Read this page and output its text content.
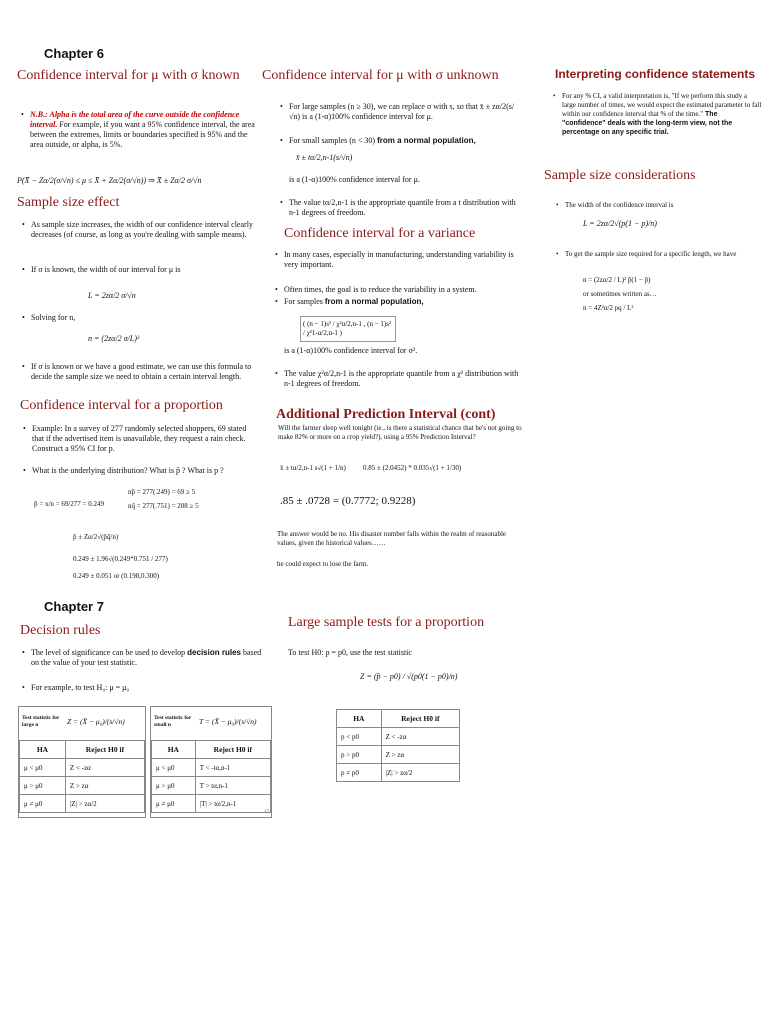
Chapter 6
Confidence interval for μ with σ known
N.B.: Alpha is the total area of the curve outside the confidence interval. For example, if you want a 95% confidence interval, the area between the extremes, limits or boundaries specified is 95% and the area outside, or alpha, is 5%.
P(X̄ − Zα/2(σ/√n) ≤ μ ≤ X̄ + Zα/2(σ/√n)) ⇒ X̄ ± Zα/2 σ/√n
Sample size effect
• As sample size increases, the width of our confidence interval clearly decreases (of course, as long as you're dealing with sample means).
• If σ is known, the width of our interval for μ is
L = 2zα/2 σ/√n
• Solving for n,
n = (2zα/2 σ/L)²
• If σ is known or we have a good estimate, we can use this formula to decide the sample size we need to obtain a certain interval length.
Confidence interval for a proportion
• Example: In a survey of 277 randomly selected shoppers, 69 stated that if the advertised item is unavailable, they request a rain check. Construct a 95% CI for p.
• What is the underlying distribution? What is p̂ ? What is p ?
p̂ = x/n = 69/277 = 0.249
np̂ = 277(.249) = 69 ≥ 5
nq̂ = 277(.751) = 208 ≥ 5
p̂ ± Zα/2√(p̂q̂/n)
0.249 ± 1.96√(0.249*0.751 / 277)
0.249 ± 0.051 or (0.198,0.300)
Confidence interval for μ with σ unknown
• For large samples (n ≥ 30), we can replace σ with s, so that x̄ ± zα/2(s/√n) is a (1-α)100% confidence interval for μ.
• For small samples (n < 30) from a normal population,
x̄ ± tα/2,n-1(s/√n)
is a (1-α)100% confidence interval for μ.
• The value tα/2,n-1 is the appropriate quantile from a t distribution with n-1 degrees of freedom.
Confidence interval for a variance
• In many cases, especially in manufacturing, understanding variability is very important.
• Often times, the goal is to reduce the variability in a system.
• For samples from a normal population,
( (n − 1)s² / χ²α/2,n-1 , (n − 1)s² / χ²1-α/2,n-1 )
is a (1-α)100% confidence interval for σ².
• The value χ²α/2,n-1 is the appropriate quantile from a χ² distribution with n-1 degrees of freedom.
Additional Prediction Interval (cont)
Will the farmer sleep well tonight (ie., is there a statistical chance that he's not going to make 82% or more on a crop yield?), using a 95% Prediction Interval?
x̄ ± tα/2,n-1 s√(1 + 1/n) 0.85 ± (2.0452) * 0.035√(1 + 1/30)
.85 ± .0728 = (0.7772; 0.9228)
The answer would be no. His disaster number falls within the realm of reasonable values, given the historical values……
he could expect to lose the farm.
Interpreting confidence statements
• For any % CI, a valid interpretation is, "If we perform this study a large number of times, we would expect the estimated parameter to fall within our confidence interval that % of the time." The "confidence" deals with the long-term view, not the percentage on any specific trial.
Sample size considerations
• The width of the confidence interval is
L = 2zα/2√(p(1 − p)/n)
• To get the sample size required for a specific length, we have
n = (2zα/2 / L)² p̂(1 − p̂)
or sometimes written as…
n = 4Z²α/2 pq / L²
Chapter 7
Decision rules
• The level of significance can be used to develop decision rules based on the value of your test statistic.
• For example, to test H₀: μ = μ₀
Test statistic for large n	Z = (X̄ − μ₀)/(s/√n)
HA	Reject H0 if
μ < μ0	Z < -zα
μ > μ0	Z > zα
μ ≠ μ0	|Z| > zα/2
Test statistic for small n	T = (X̄ − μ₀)/(s/√n)
HA	Reject H0 if
μ < μ0	T < -tα,n-1
μ > μ0	T > tα,n-1
μ ≠ μ0	|T| > tα/2,n-1
17
Large sample tests for a proportion
To test H0: p = p0, use the test statistic
Z = (p̂ − p0) / √(p0(1 − p0)/n)
HA	Reject H0 if
p < p0	Z < -zα
p > p0	Z > zα
p ≠ p0	|Z| > zα/2
